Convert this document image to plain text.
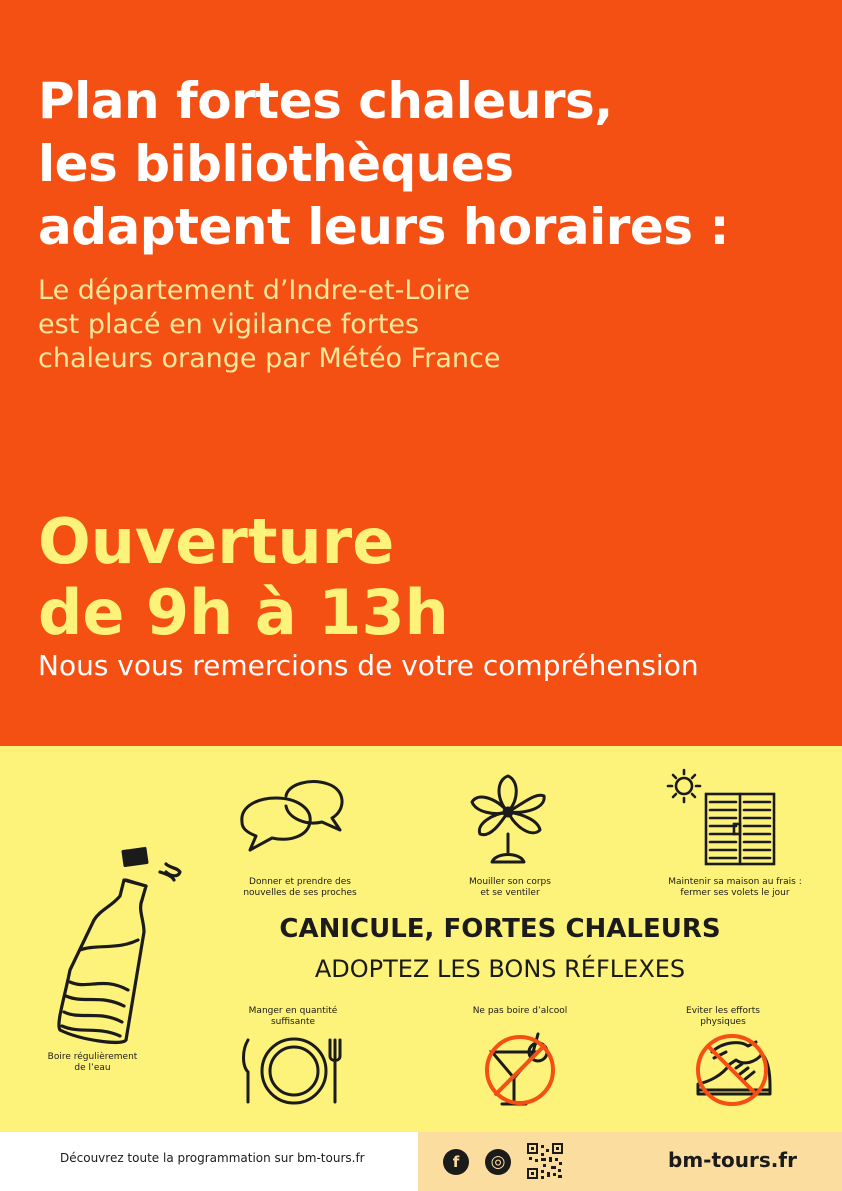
Plan fortes chaleurs,
les bibliothèques
adaptent leurs horaires :

Le département d’Indre-et-Loire
est placé en vigilance fortes
chaleurs orange par Météo France

Ouverture
de 9h à 13h
Nous vous remercions de votre compréhension
Donner et prendre des
nouvelles de ses proches
Mouiller son corps
et se ventiler
Maintenir sa maison au frais :
fermer ses volets le jour
Boire régulièrement
de l’eau
CANICULE, FORTES CHALEURS
ADOPTEZ LES BONS RÉFLEXES
Manger en quantité
suffisante
Ne pas boire d’alcool	Eviter les efforts
physiques
Découvrez toute la programmation sur bm-tours.fr	f	◎	bm-tours.fr
